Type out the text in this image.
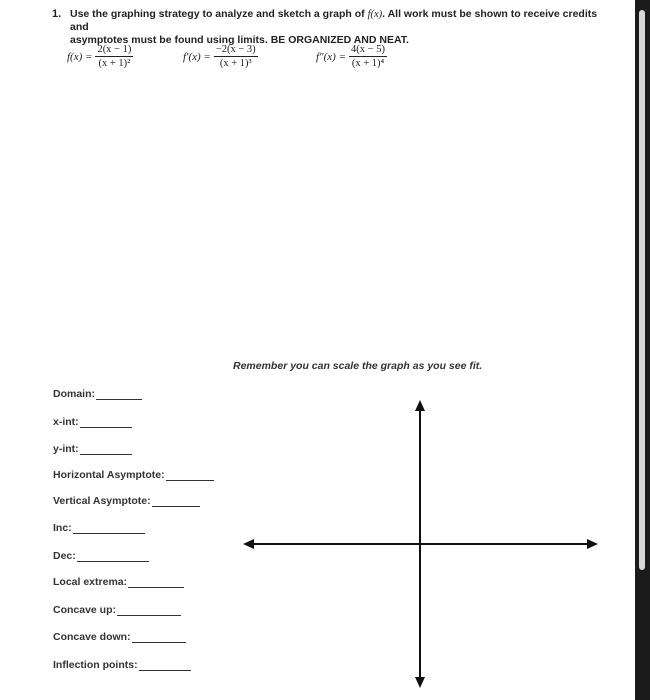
1. Use the graphing strategy to analyze and sketch a graph of f(x). All work must be shown to receive credits and
asymptotes must be found using limits. BE ORGANIZED AND NEAT.
$f(x) = \frac{2(x - 1)}{\text{(x + 1)²}}$	$f'(x) = \frac{-2(x - 3)}{\text{(x + 1)³}}$	$f''(x) = \frac{4(x - 5)}{\text{(x + 1)⁴}}$
Remember you can scale the graph as you see fit.
Domain:
x-int:
y-int:
Horizontal Asymptote:
Vertical Asymptote:
Inc:
Dec:
Local extrema:
Concave up:
Concave down:
Inflection points:
